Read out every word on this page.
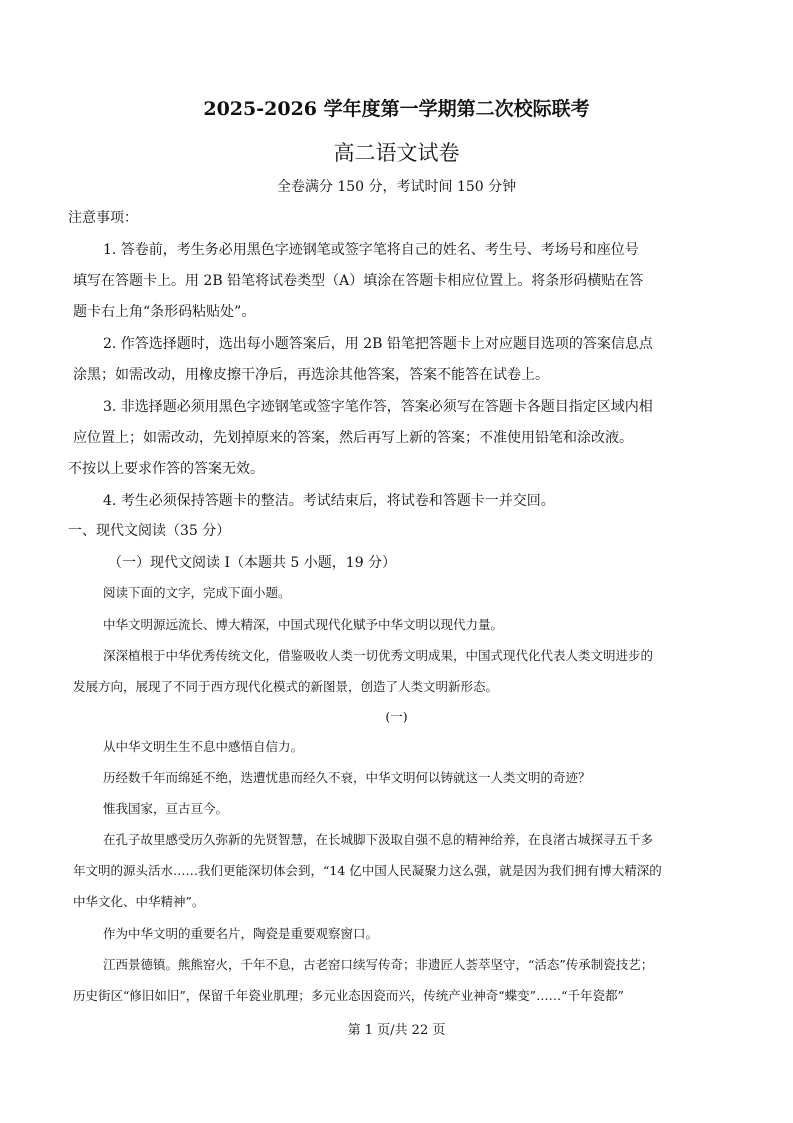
2025-2026 学年度第一学期第二次校际联考
高二语文试卷
全卷满分 150 分，考试时间 150 分钟
注意事项：
1. 答卷前，考生务必用黑色字迹钢笔或签字笔将自己的姓名、考生号、考场号和座位号
填写在答题卡上。用 2B 铅笔将试卷类型（A）填涂在答题卡相应位置上。将条形码横贴在答
题卡右上角“条形码粘贴处”。
2. 作答选择题时，选出每小题答案后，用 2B 铅笔把答题卡上对应题目选项的答案信息点
涂黑；如需改动，用橡皮擦干净后，再选涂其他答案，答案不能答在试卷上。
3. 非选择题必须用黑色字迹钢笔或签字笔作答，答案必须写在答题卡各题目指定区域内相
应位置上；如需改动，先划掉原来的答案，然后再写上新的答案；不准使用铅笔和涂改液。
不按以上要求作答的答案无效。
4. 考生必须保持答题卡的整洁。考试结束后，将试卷和答题卡一并交回。
一、现代文阅读（35 分）
（一）现代文阅读 I（本题共 5 小题，19 分）
阅读下面的文字，完成下面小题。
中华文明源远流长、博大精深，中国式现代化赋予中华文明以现代力量。
深深植根于中华优秀传统文化，借鉴吸收人类一切优秀文明成果，中国式现代化代表人类文明进步的
发展方向，展现了不同于西方现代化模式的新图景，创造了人类文明新形态。
(一)
从中华文明生生不息中感悟自信力。
历经数千年而绵延不绝，迭遭忧患而经久不衰，中华文明何以铸就这一人类文明的奇迹？
惟我国家，亘古亘今。
在孔子故里感受历久弥新的先贤智慧，在长城脚下汲取自强不息的精神给养，在良渚古城探寻五千多
年文明的源头活水……我们更能深切体会到，“14 亿中国人民凝聚力这么强，就是因为我们拥有博大精深的
中华文化、中华精神”。
作为中华文明的重要名片，陶瓷是重要观察窗口。
江西景德镇。熊熊窑火，千年不息，古老窑口续写传奇；非遗匠人荟萃坚守，“活态”传承制瓷技艺；
历史街区“修旧如旧”，保留千年瓷业肌理；多元业态因瓷而兴，传统产业神奇“蝶变”……“千年瓷都”
第 1 页/共 22 页
